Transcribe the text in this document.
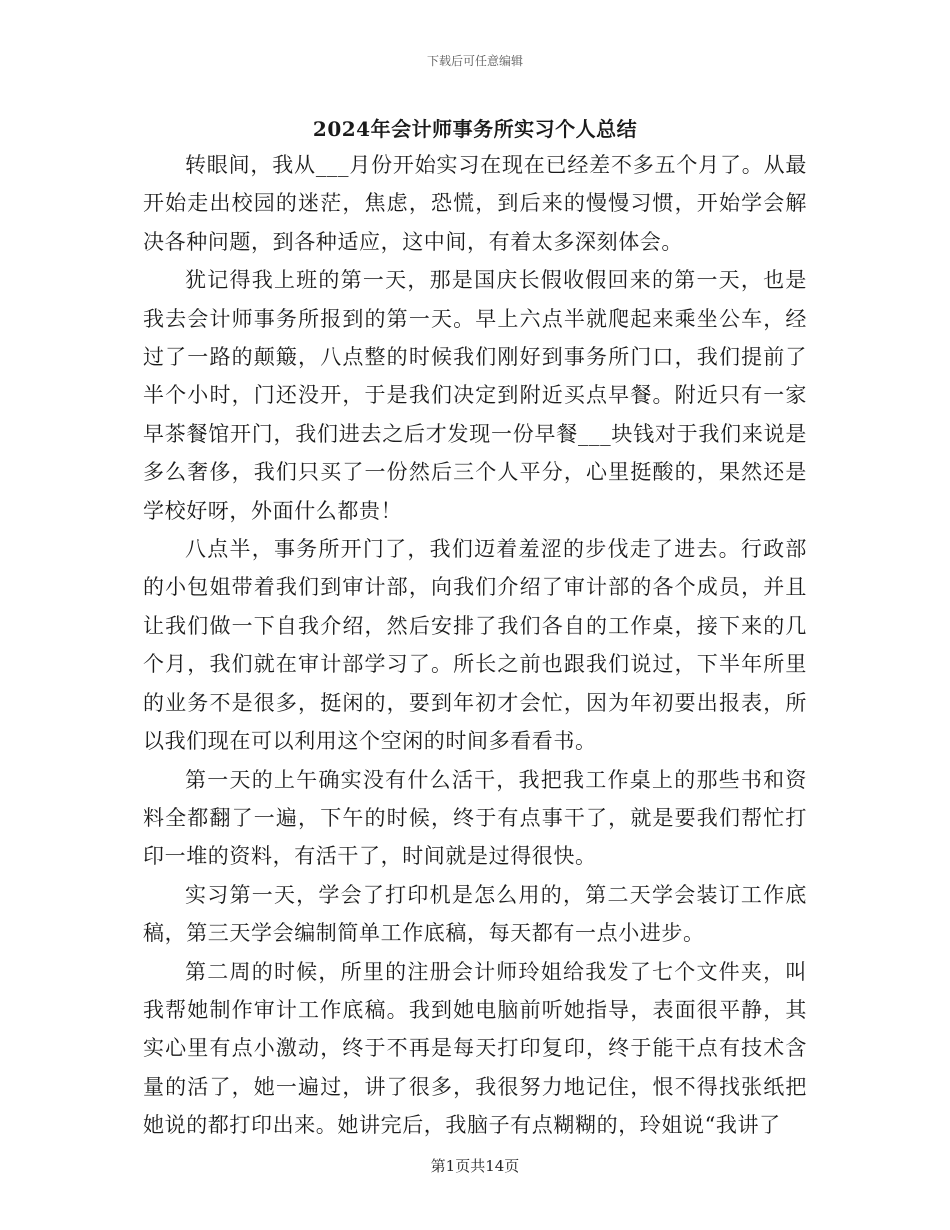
下载后可任意编辑
2024年会计师事务所实习个人总结

转眼间，我从___月份开始实习在现在已经差不多五个月了。从最开始走出校园的迷茫，焦虑，恐慌，到后来的慢慢习惯，开始学会解决各种问题，到各种适应，这中间，有着太多深刻体会。

犹记得我上班的第一天，那是国庆长假收假回来的第一天，也是我去会计师事务所报到的第一天。早上六点半就爬起来乘坐公车，经过了一路的颠簸，八点整的时候我们刚好到事务所门口，我们提前了半个小时，门还没开，于是我们决定到附近买点早餐。附近只有一家早茶餐馆开门，我们进去之后才发现一份早餐___块钱对于我们来说是多么奢侈，我们只买了一份然后三个人平分，心里挺酸的，果然还是学校好呀，外面什么都贵！

八点半，事务所开门了，我们迈着羞涩的步伐走了进去。行政部的小包姐带着我们到审计部，向我们介绍了审计部的各个成员，并且让我们做一下自我介绍，然后安排了我们各自的工作桌，接下来的几个月，我们就在审计部学习了。所长之前也跟我们说过，下半年所里的业务不是很多，挺闲的，要到年初才会忙，因为年初要出报表，所以我们现在可以利用这个空闲的时间多看看书。

第一天的上午确实没有什么活干，我把我工作桌上的那些书和资料全都翻了一遍，下午的时候，终于有点事干了，就是要我们帮忙打印一堆的资料，有活干了，时间就是过得很快。

实习第一天，学会了打印机是怎么用的，第二天学会装订工作底稿，第三天学会编制简单工作底稿，每天都有一点小进步。

第二周的时候，所里的注册会计师玲姐给我发了七个文件夹，叫我帮她制作审计工作底稿。我到她电脑前听她指导，表面很平静，其实心里有点小激动，终于不再是每天打印复印，终于能干点有技术含量的活了，她一遍过，讲了很多，我很努力地记住，恨不得找张纸把她说的都打印出来。她讲完后，我脑子有点糊糊的，玲姐说“我讲了

第1页共14页
